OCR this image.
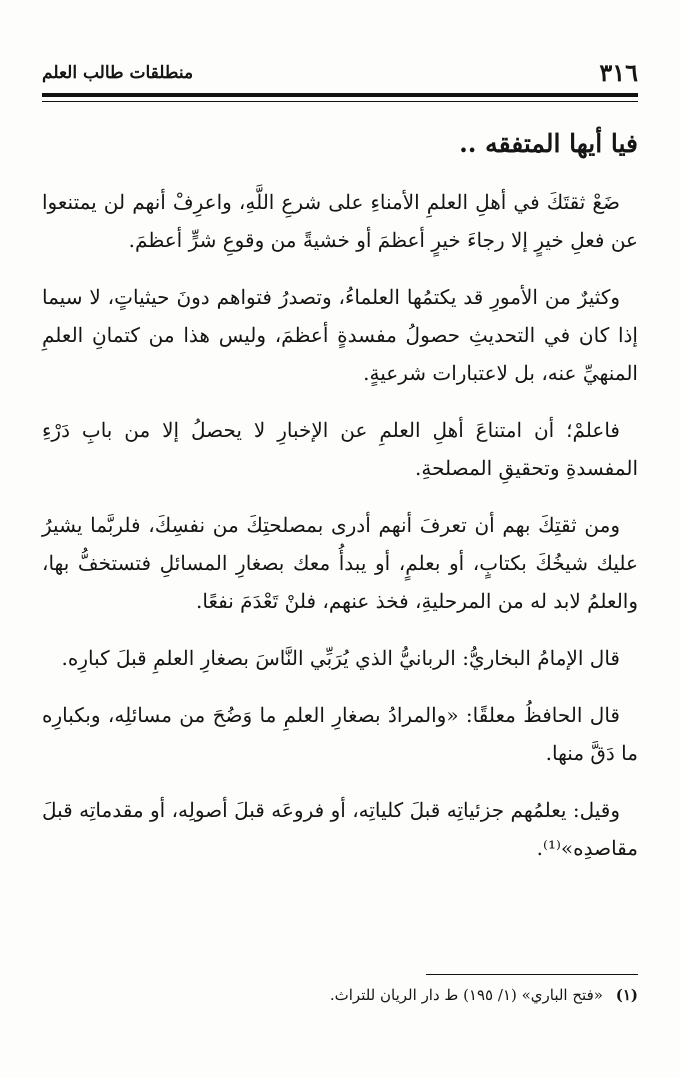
٣١٦
منطلقات طالب العلم
فيا أيها المتفقه ..

ضَعْ ثقتَكَ في أهلِ العلمِ الأمناءِ على شرعِ اللَّهِ، واعرِفْ أنهم لن يمتنعوا عن فعلِ خيرٍ إلا رجاءَ خيرٍ أعظمَ أو خشيةً من وقوعِ شرٍّ أعظمَ.

وكثيرٌ من الأمورِ قد يكتمُها العلماءُ، وتصدرُ فتواهم دونَ حيثياتٍ، لا سيما إذا كان في التحديثِ حصولُ مفسدةٍ أعظمَ، وليس هذا من كتمانِ العلمِ المنهيِّ عنه، بل لاعتبارات شرعيةٍ.

فاعلمْ؛ أن امتناعَ أهلِ العلمِ عن الإخبارِ لا يحصلُ إلا من بابِ دَرْءِ المفسدةِ وتحقيقِ المصلحةِ.

ومن ثقتِكَ بهم أن تعرفَ أنهم أدرى بمصلحتِكَ من نفسِكَ، فلربَّما يشيرُ عليك شيخُكَ بكتابٍ، أو بعلمٍ، أو يبدأُ معك بصغارِ المسائلِ فتستخفُّ بها، والعلمُ لابد له من المرحليةِ، فخذ عنهم، فلنْ تَعْدَمَ نفعًا.

قال الإمامُ البخاريُّ: الربانيُّ الذي يُرَبِّي النَّاسَ بصغارِ العلمِ قبلَ كبارِه.

قال الحافظُ معلقًا: «والمرادُ بصغارِ العلمِ ما وَضُحَ من مسائلِه، وبكبارِه ما دَقَّ منها.

وقيل: يعلمُهم جزئياتِه قبلَ كلياتِه، أو فروعَه قبلَ أصولِه، أو مقدماتِه قبلَ مقاصدِه»⁽¹⁾.

(١) «فتح الباري» (١/ ١٩٥) ط دار الريان للتراث.
